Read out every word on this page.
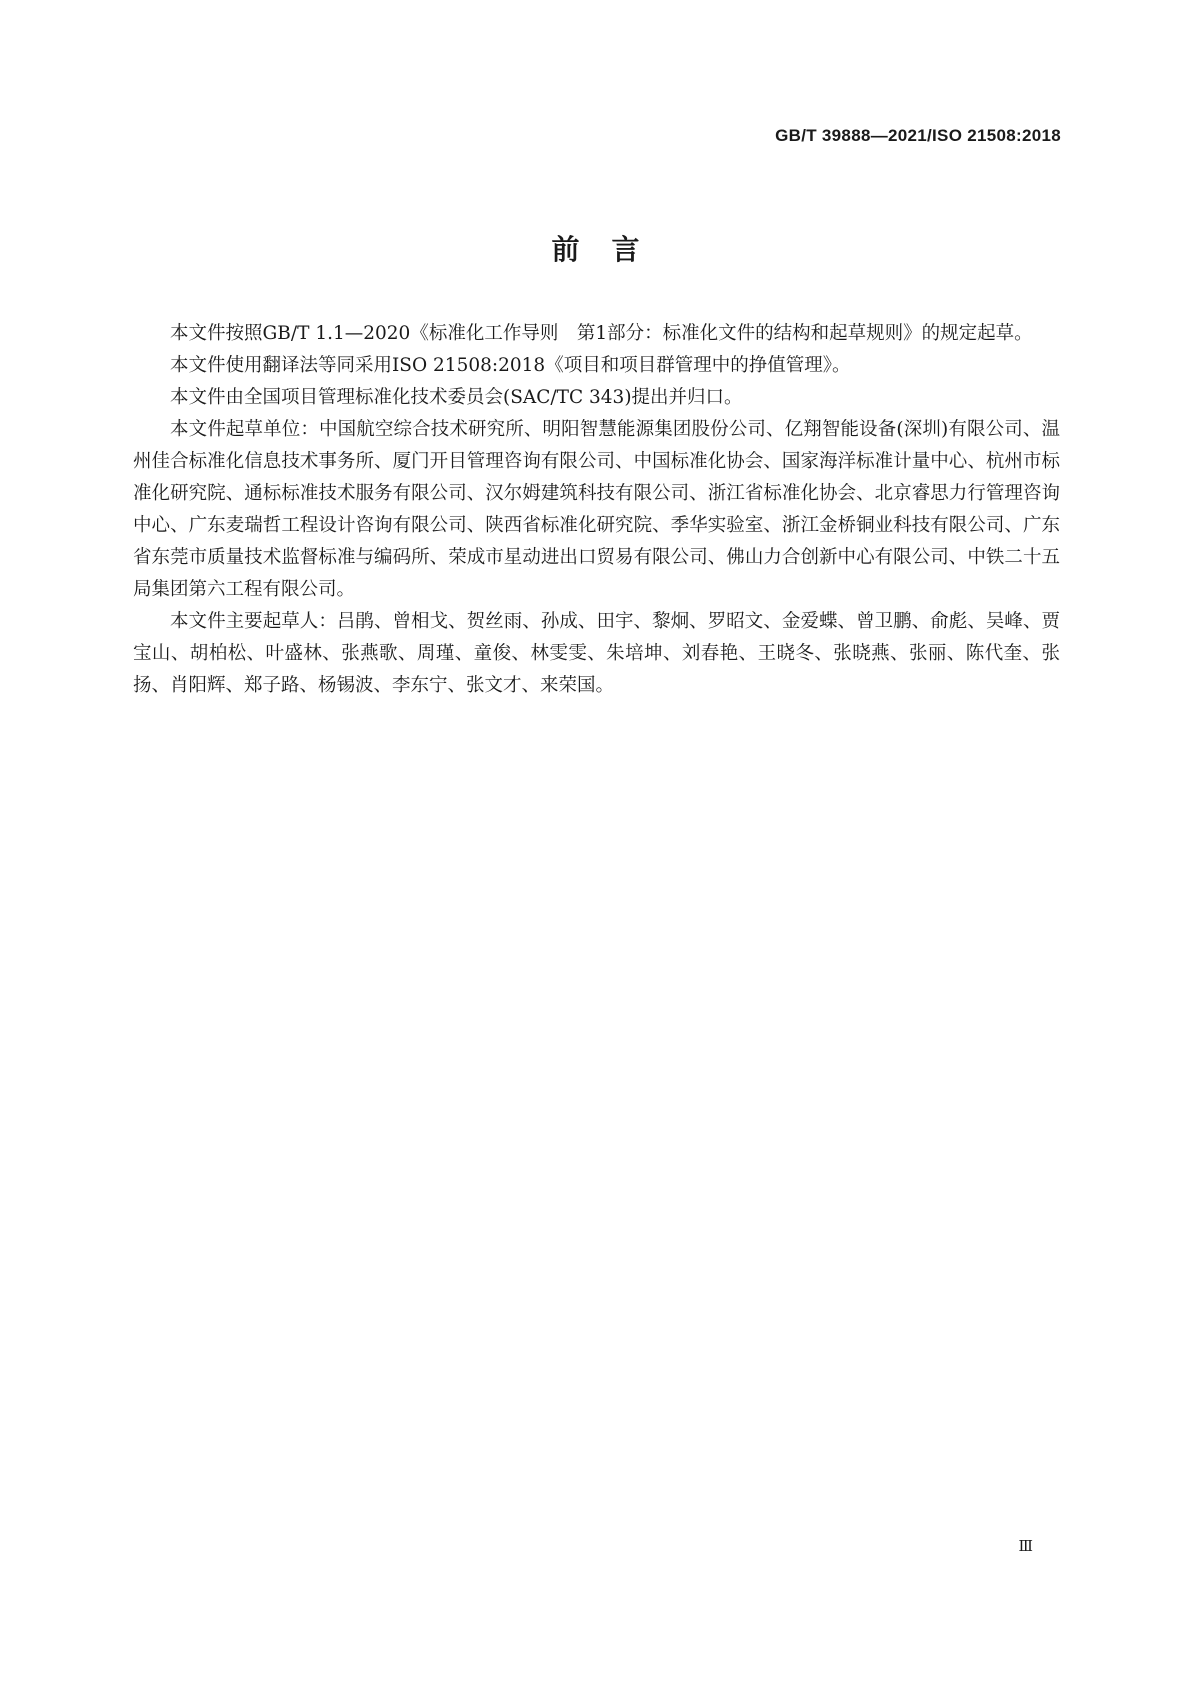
GB/T 39888—2021/ISO 21508:2018
前言

本文件按照GB/T 1.1—2020《标准化工作导则　第1部分：标准化文件的结构和起草规则》的规定起草。

本文件使用翻译法等同采用ISO 21508:2018《项目和项目群管理中的挣值管理》。

本文件由全国项目管理标准化技术委员会(SAC/TC 343)提出并归口。

本文件起草单位：中国航空综合技术研究所、明阳智慧能源集团股份公司、亿翔智能设备(深圳)有限公司、温州佳合标准化信息技术事务所、厦门开目管理咨询有限公司、中国标准化协会、国家海洋标准计量中心、杭州市标准化研究院、通标标准技术服务有限公司、汉尔姆建筑科技有限公司、浙江省标准化协会、北京睿思力行管理咨询中心、广东麦瑞哲工程设计咨询有限公司、陕西省标准化研究院、季华实验室、浙江金桥铜业科技有限公司、广东省东莞市质量技术监督标准与编码所、荣成市星动进出口贸易有限公司、佛山力合创新中心有限公司、中铁二十五局集团第六工程有限公司。

本文件主要起草人：吕鹃、曾相戈、贺丝雨、孙成、田宇、黎炯、罗昭文、金爱蝶、曾卫鹏、俞彪、吴峰、贾宝山、胡柏松、叶盛林、张燕歌、周瑾、童俊、林雯雯、朱培坤、刘春艳、王晓冬、张晓燕、张丽、陈代奎、张扬、肖阳辉、郑子路、杨锡波、李东宁、张文才、来荣国。

Ⅲ
